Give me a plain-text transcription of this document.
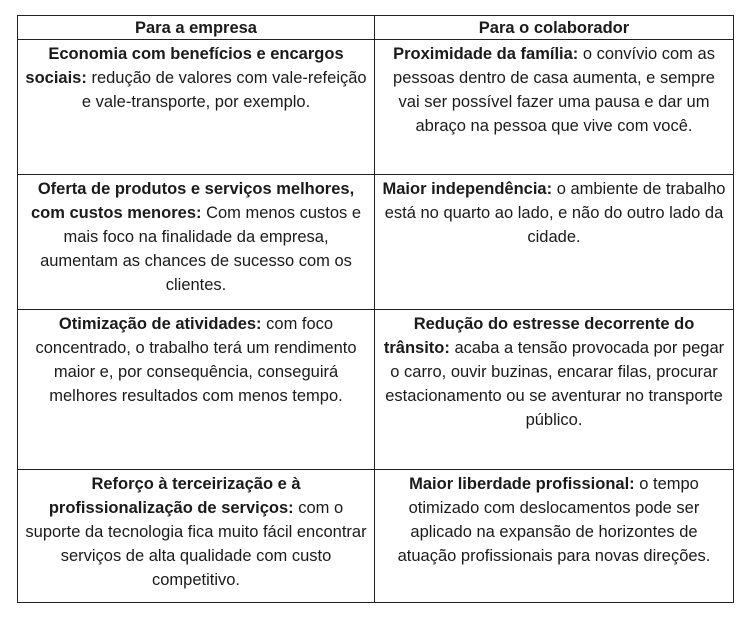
Para a empresa	Para o colaborador
Economia com benefícios e encargos sociais: redução de valores com vale-refeição e vale-transporte, por exemplo.	Proximidade da família: o convívio com as pessoas dentro de casa aumenta, e sempre vai ser possível fazer uma pausa e dar um abraço na pessoa que vive com você.
Oferta de produtos e serviços melhores, com custos menores: Com menos custos e mais foco na finalidade da empresa, aumentam as chances de sucesso com os clientes.	Maior independência: o ambiente de trabalho está no quarto ao lado, e não do outro lado da cidade.
Otimização de atividades: com foco concentrado, o trabalho terá um rendimento maior e, por consequência, conseguirá melhores resultados com menos tempo.	Redução do estresse decorrente do trânsito: acaba a tensão provocada por pegar o carro, ouvir buzinas, encarar filas, procurar estacionamento ou se aventurar no transporte público.
Reforço à terceirização e à profissionalização de serviços: com o suporte da tecnologia fica muito fácil encontrar serviços de alta qualidade com custo competitivo.	Maior liberdade profissional: o tempo otimizado com deslocamentos pode ser aplicado na expansão de horizontes de atuação profissionais para novas direções.
